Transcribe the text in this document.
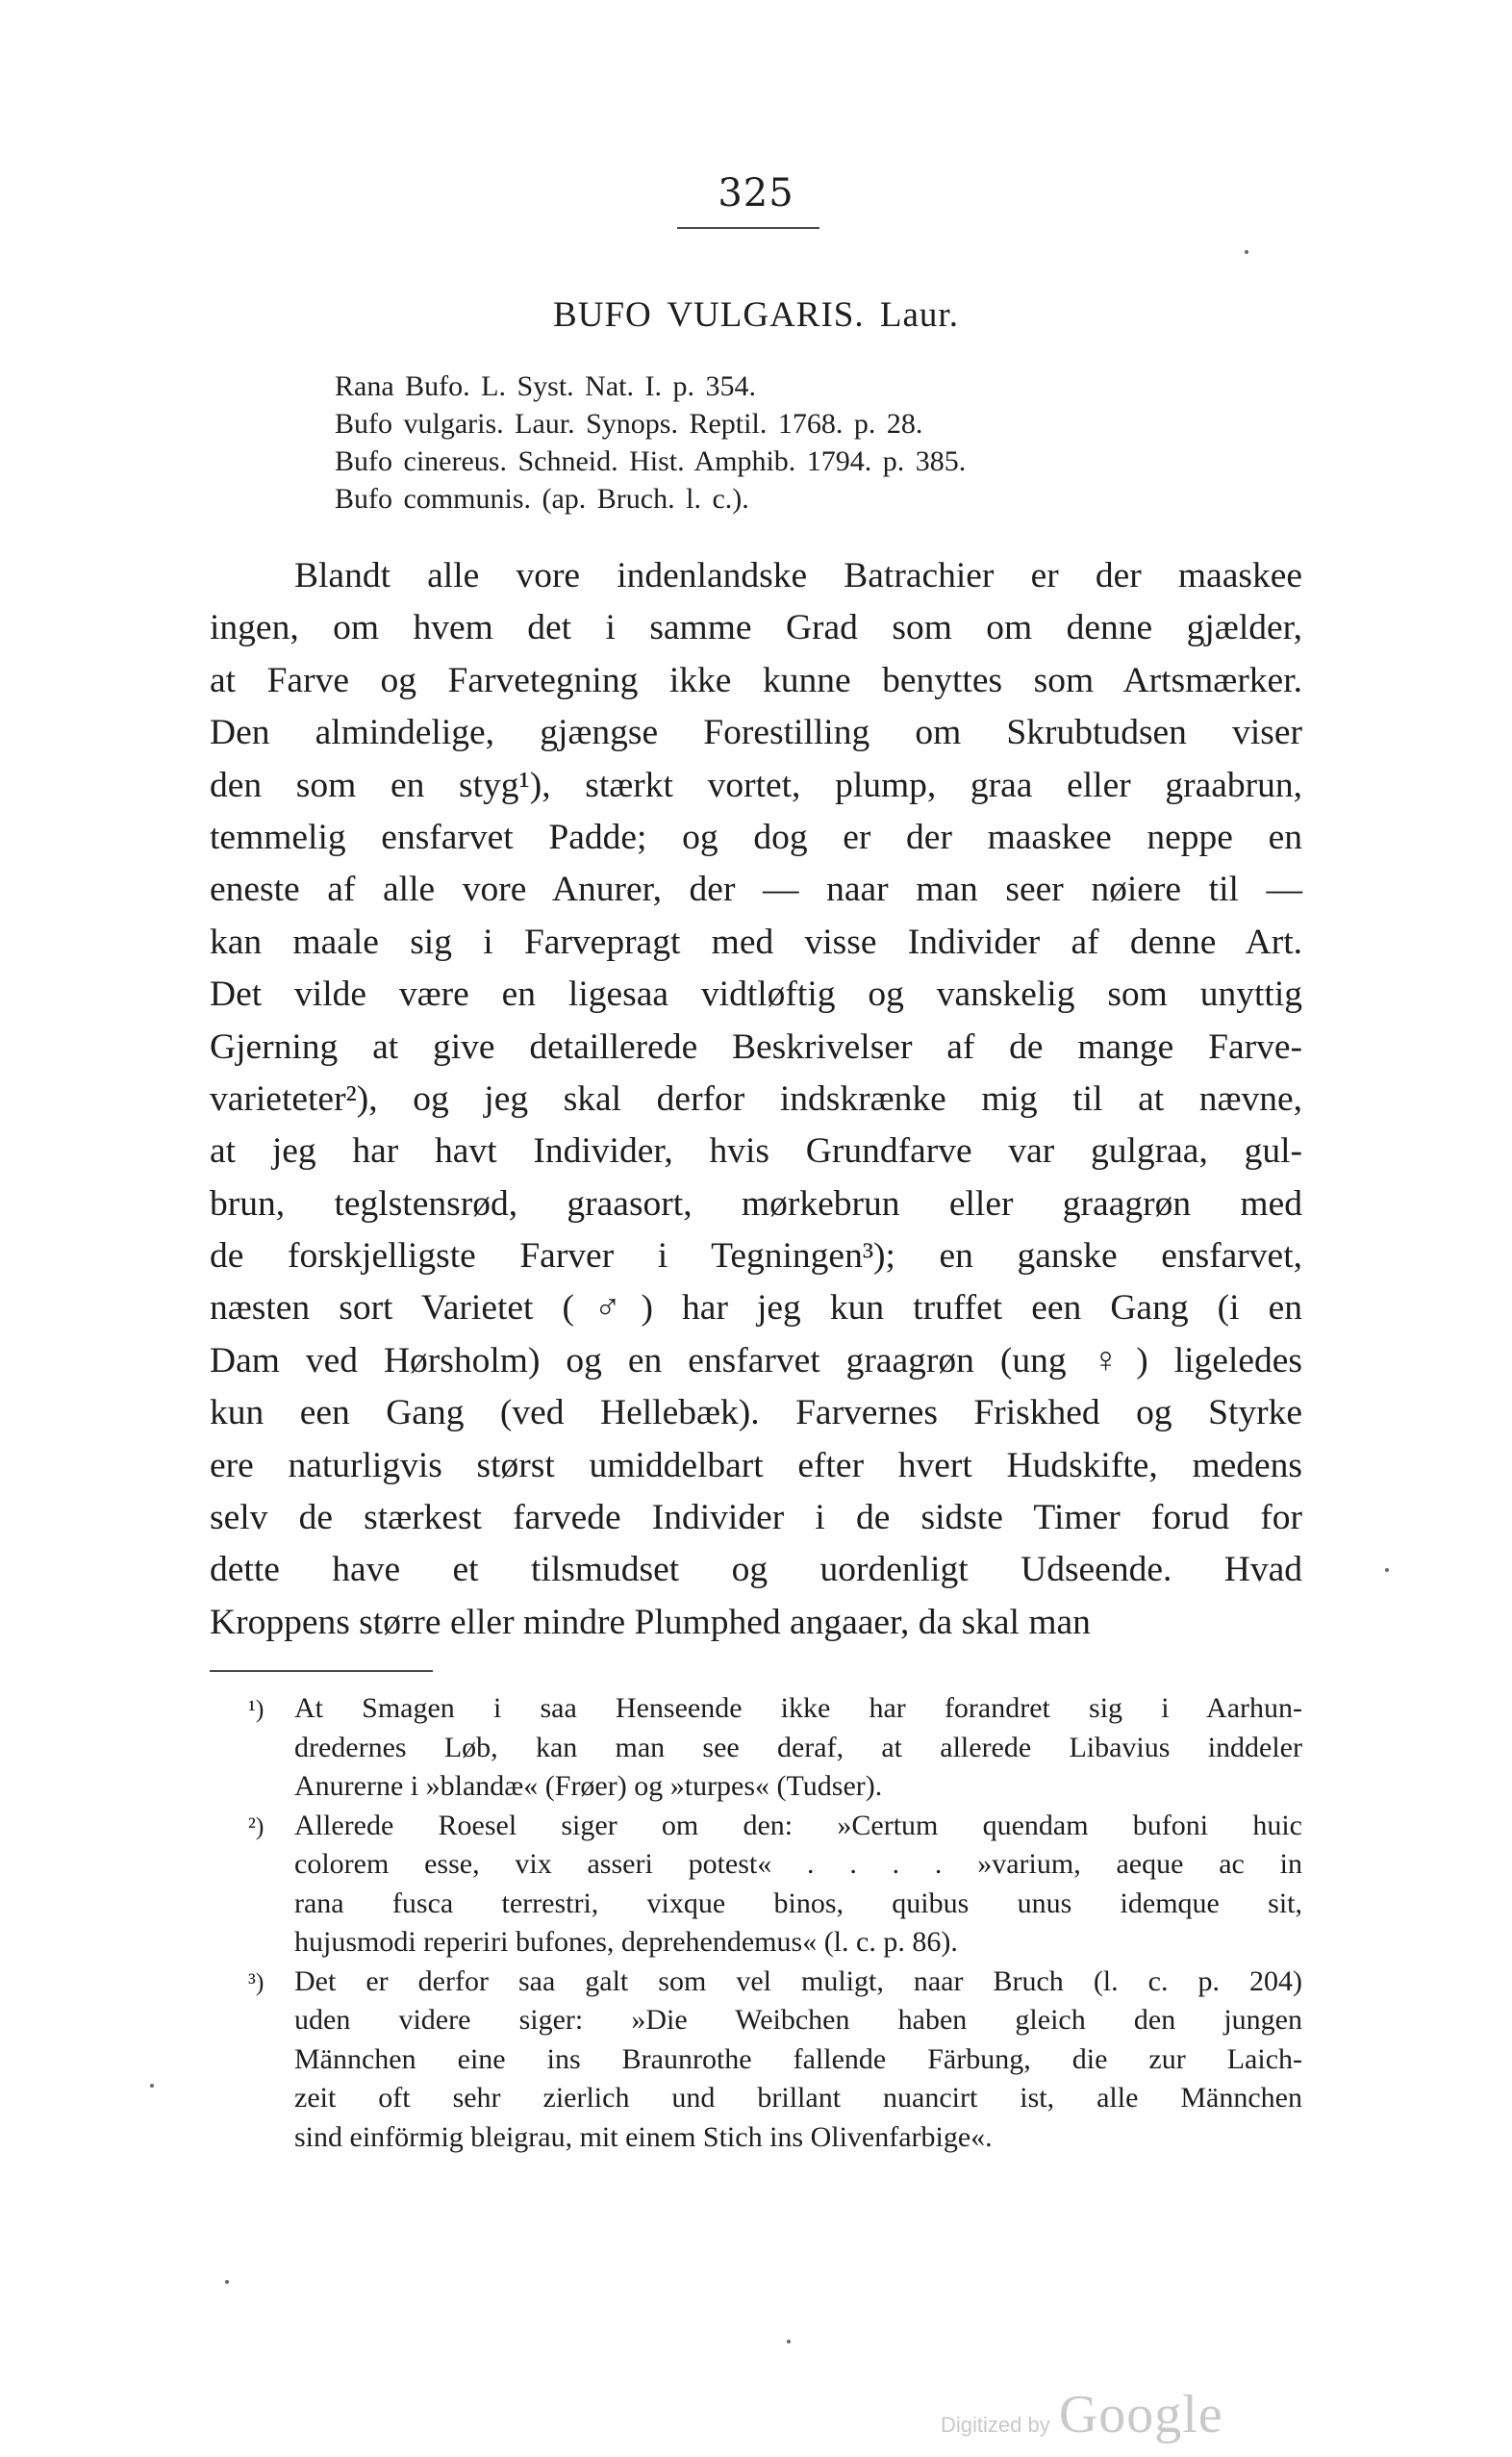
325
BUFO VULGARIS. Laur.
Rana Bufo. L. Syst. Nat. I. p. 354.
Bufo vulgaris. Laur. Synops. Reptil. 1768. p. 28.
Bufo cinereus. Schneid. Hist. Amphib. 1794. p. 385.
Bufo communis. (ap. Bruch. l. c.).
Blandt alle vore indenlandske Batrachier er der maaskee
ingen, om hvem det i samme Grad som om denne gjælder,
at Farve og Farvetegning ikke kunne benyttes som Artsmærker.
Den almindelige, gjængse Forestilling om Skrubtudsen viser
den som en styg¹), stærkt vortet, plump, graa eller graabrun,
temmelig ensfarvet Padde; og dog er der maaskee neppe en
eneste af alle vore Anurer, der — naar man seer nøiere til —
kan maale sig i Farvepragt med visse Individer af denne Art.
Det vilde være en ligesaa vidtløftig og vanskelig som unyttig
Gjerning at give detaillerede Beskrivelser af de mange Farve-
varieteter²), og jeg skal derfor indskrænke mig til at nævne,
at jeg har havt Individer, hvis Grundfarve var gulgraa, gul-
brun, teglstensrød, graasort, mørkebrun eller graagrøn med
de forskjelligste Farver i Tegningen³); en ganske ensfarvet,
næsten sort Varietet (♂) har jeg kun truffet een Gang (i en
Dam ved Hørsholm) og en ensfarvet graagrøn (ung ♀) ligeledes
kun een Gang (ved Hellebæk). Farvernes Friskhed og Styrke
ere naturligvis størst umiddelbart efter hvert Hudskifte, medens
selv de stærkest farvede Individer i de sidste Timer forud for
dette have et tilsmudset og uordenligt Udseende. Hvad
Kroppens større eller mindre Plumphed angaaer, da skal man
¹) At Smagen i saa Henseende ikke har forandret sig i Aarhun-
dredernes Løb, kan man see deraf, at allerede Libavius inddeler
Anurerne i »blandæ« (Frøer) og »turpes« (Tudser).
²) Allerede Roesel siger om den: »Certum quendam bufoni huic
colorem esse, vix asseri potest« . . . . »varium, aeque ac in
rana fusca terrestri, vixque binos, quibus unus idemque sit,
hujusmodi reperiri bufones, deprehendemus« (l. c. p. 86).
³) Det er derfor saa galt som vel muligt, naar Bruch (l. c. p. 204)
uden videre siger: »Die Weibchen haben gleich den jungen
Männchen eine ins Braunrothe fallende Färbung, die zur Laich-
zeit oft sehr zierlich und brillant nuancirt ist, alle Männchen
sind einförmig bleigrau, mit einem Stich ins Olivenfarbige«.
Digitized by Google
